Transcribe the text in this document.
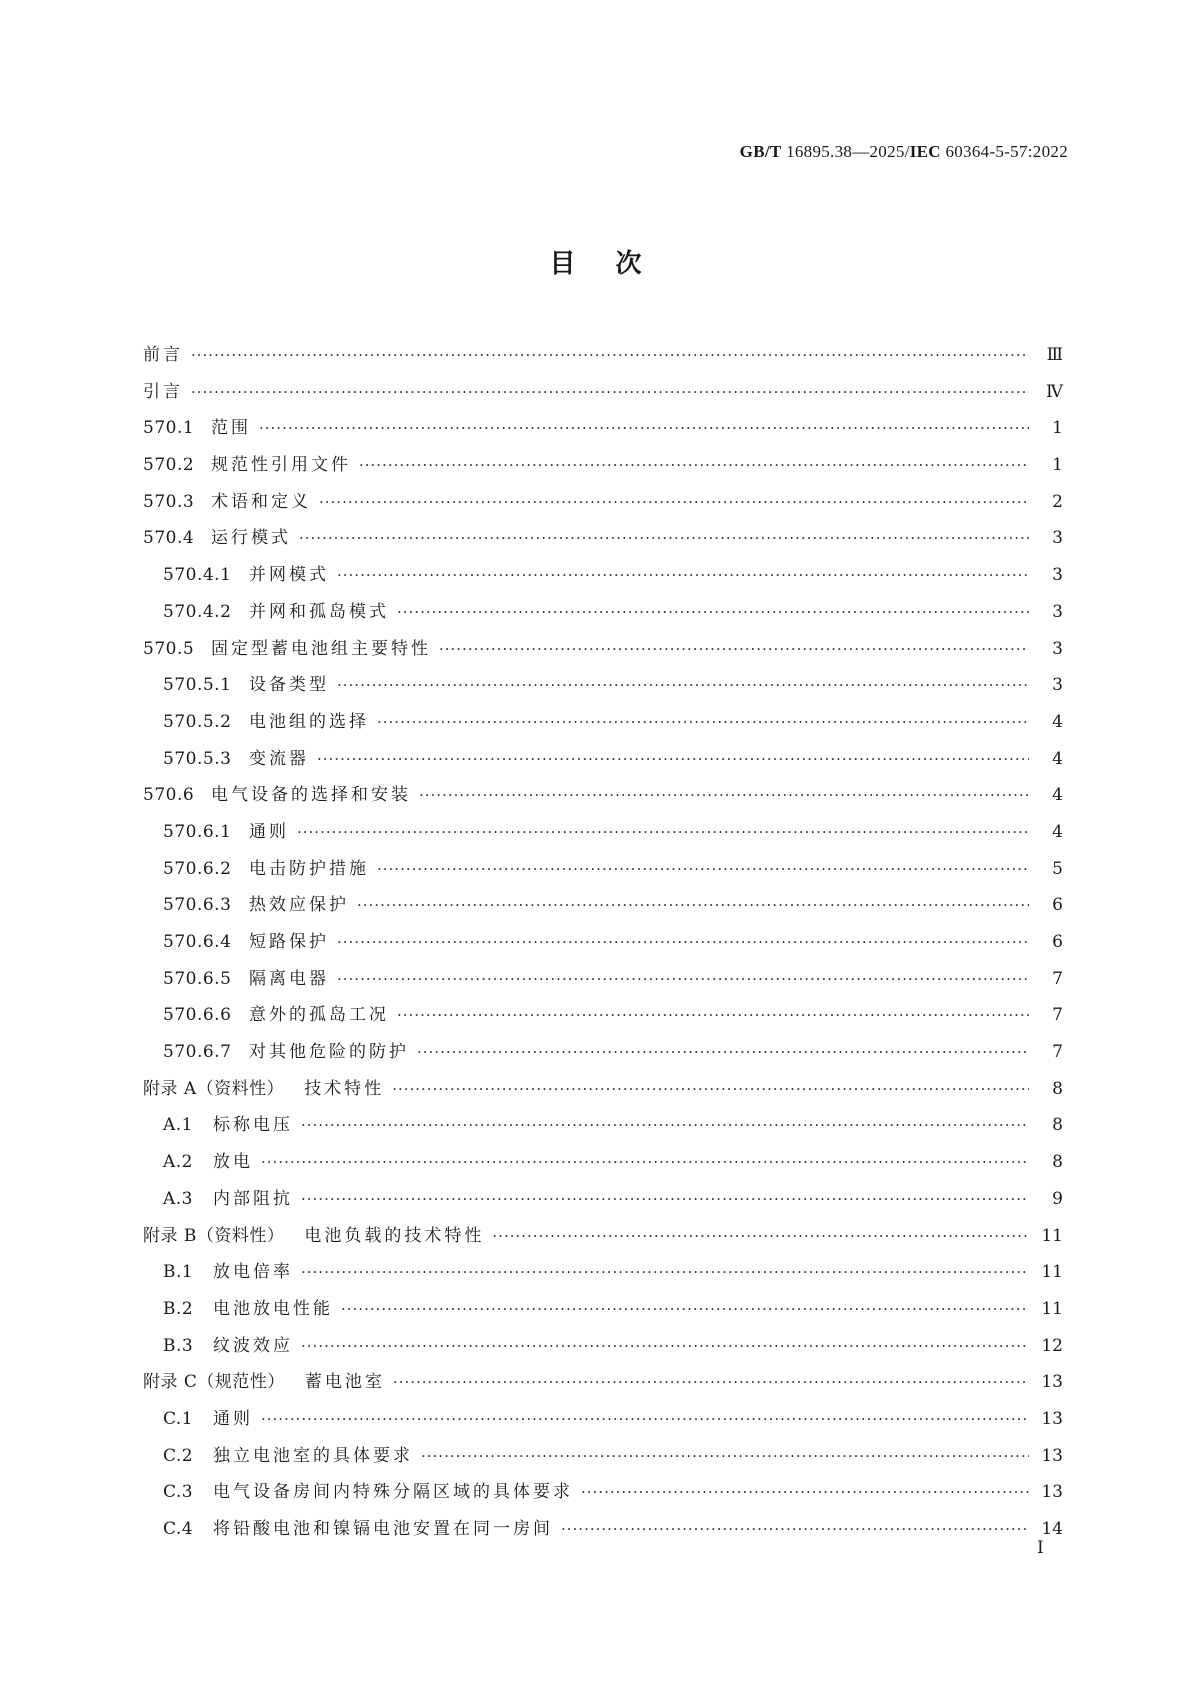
GB/T 16895.38—2025/IEC 60364-5-57:2022
目次
前言 ·····	Ⅲ
引言 ·····	Ⅳ
570.1 范围 ·····	1
570.2 规范性引用文件 ·····	1
570.3 术语和定义 ·····	2
570.4 运行模式 ·····	3
570.4.1	并网模式 ·····	3
570.4.2	并网和孤岛模式 ·····	3
570.5 固定型蓄电池组主要特性 ·····	3
570.5.1	设备类型 ·····	3
570.5.2	电池组的选择 ·····	4
570.5.3	变流器 ·····	4
570.6 电气设备的选择和安装 ·····	4
570.6.1	通则 ·····	4
570.6.2	电击防护措施 ·····	5
570.6.3	热效应保护 ·····	6
570.6.4	短路保护 ·····	6
570.6.5	隔离电器 ·····	7
570.6.6	意外的孤岛工况 ·····	7
570.6.7	对其他危险的防护 ·····	7
附录 A（资料性） 技术特性 ·····	8
A.1	标称电压 ·····	8
A.2	放电 ·····	8
A.3	内部阻抗 ·····	9
附录 B（资料性） 电池负载的技术特性 ·····	11
B.1	放电倍率 ·····	11
B.2	电池放电性能 ·····	11
B.3	纹波效应 ·····	12
附录 C（规范性） 蓄电池室 ·····	13
C.1	通则 ·····	13
C.2	独立电池室的具体要求 ·····	13
C.3	电气设备房间内特殊分隔区域的具体要求 ·····	13
C.4	将铅酸电池和镍镉电池安置在同一房间 ·····	14
I
